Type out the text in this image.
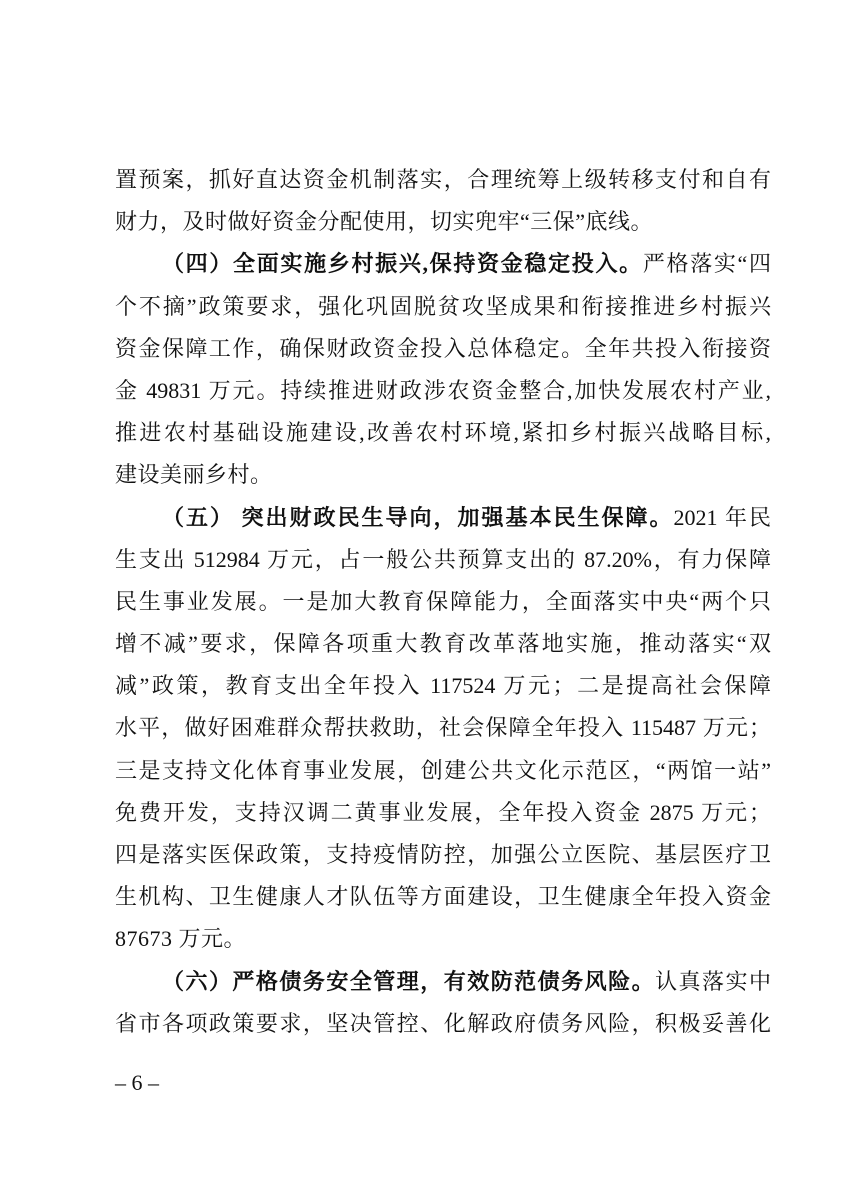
置预案，抓好直达资金机制落实，合理统筹上级转移支付和自有
财力，及时做好资金分配使用，切实兜牢“三保”底线。
（四）全面实施乡村振兴,保持资金稳定投入。严格落实“四
个不摘”政策要求，强化巩固脱贫攻坚成果和衔接推进乡村振兴
资金保障工作，确保财政资金投入总体稳定。全年共投入衔接资
金 49831 万元。持续推进财政涉农资金整合,加快发展农村产业,
推进农村基础设施建设,改善农村环境,紧扣乡村振兴战略目标,
建设美丽乡村。
（五） 突出财政民生导向，加强基本民生保障。2021 年民
生支出 512984 万元，占一般公共预算支出的 87.20%，有力保障
民生事业发展。一是加大教育保障能力，全面落实中央“两个只
增不减”要求，保障各项重大教育改革落地实施，推动落实“双
减”政策，教育支出全年投入 117524 万元；二是提高社会保障
水平，做好困难群众帮扶救助，社会保障全年投入 115487 万元；
三是支持文化体育事业发展，创建公共文化示范区，“两馆一站”
免费开发，支持汉调二黄事业发展，全年投入资金 2875 万元；
四是落实医保政策，支持疫情防控，加强公立医院、基层医疗卫
生机构、卫生健康人才队伍等方面建设，卫生健康全年投入资金
87673 万元。
（六）严格债务安全管理，有效防范债务风险。认真落实中
省市各项政策要求，坚决管控、化解政府债务风险，积极妥善化
– 6 –
